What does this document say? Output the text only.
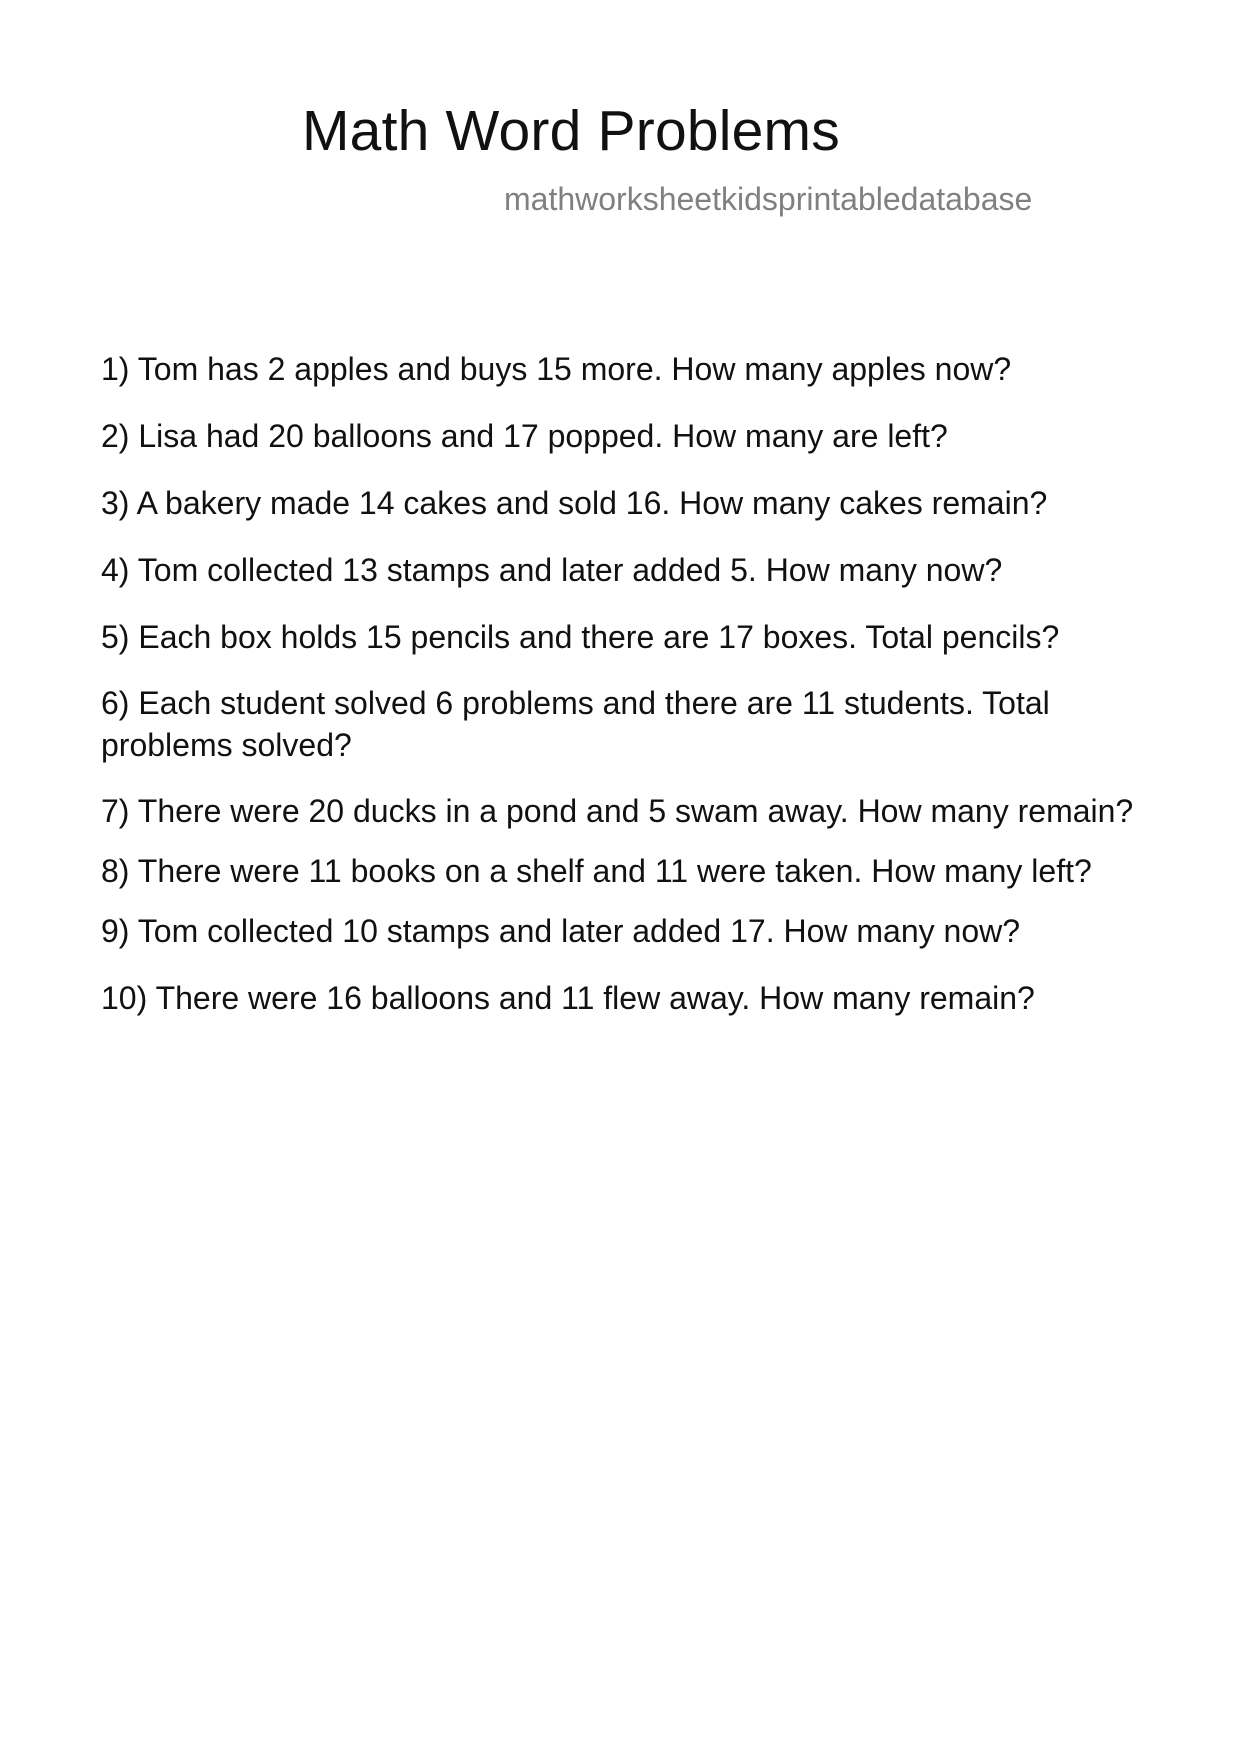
Math Word Problems
mathworksheetkidsprintabledatabase
1) Tom has 2 apples and buys 15 more. How many apples now?
2) Lisa had 20 balloons and 17 popped. How many are left?
3) A bakery made 14 cakes and sold 16. How many cakes remain?
4) Tom collected 13 stamps and later added 5. How many now?
5) Each box holds 15 pencils and there are 17 boxes. Total pencils?
6) Each student solved 6 problems and there are 11 students. Total problems solved?
7) There were 20 ducks in a pond and 5 swam away. How many remain?
8) There were 11 books on a shelf and 11 were taken. How many left?
9) Tom collected 10 stamps and later added 17. How many now?
10) There were 16 balloons and 11 flew away. How many remain?
